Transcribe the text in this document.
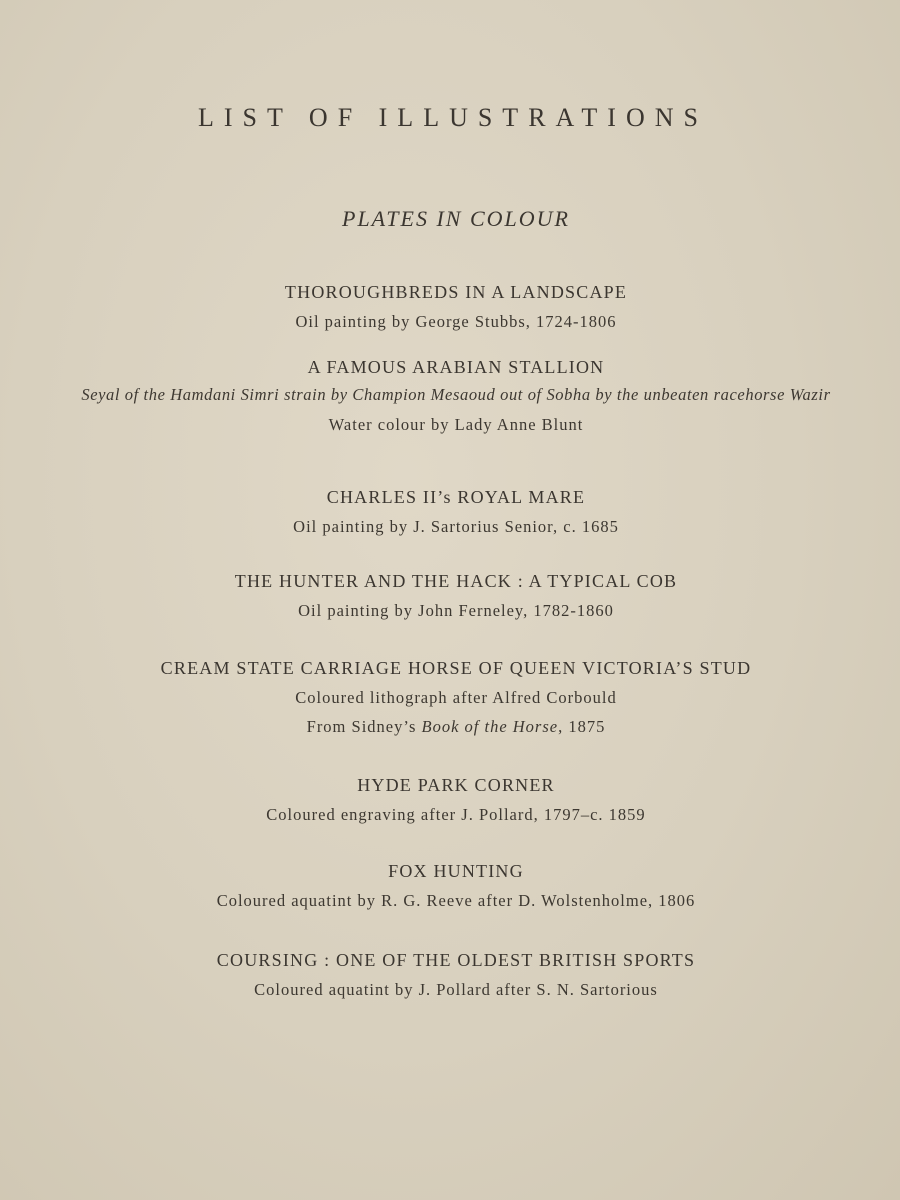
LIST OF ILLUSTRATIONS
PLATES IN COLOUR
THOROUGHBREDS IN A LANDSCAPE
Oil painting by George Stubbs, 1724-1806
A FAMOUS ARABIAN STALLION
Seyal of the Hamdani Simri strain by Champion Mesaoud out of Sobha by the unbeaten racehorse Wazir
Water colour by Lady Anne Blunt
CHARLES II’s ROYAL MARE
Oil painting by J. Sartorius Senior, c. 1685
THE HUNTER AND THE HACK : A TYPICAL COB
Oil painting by John Ferneley, 1782-1860
CREAM STATE CARRIAGE HORSE OF QUEEN VICTORIA’S STUD
Coloured lithograph after Alfred Corbould
From Sidney’s Book of the Horse, 1875
HYDE PARK CORNER
Coloured engraving after J. Pollard, 1797–c. 1859
FOX HUNTING
Coloured aquatint by R. G. Reeve after D. Wolstenholme, 1806
COURSING : ONE OF THE OLDEST BRITISH SPORTS
Coloured aquatint by J. Pollard after S. N. Sartorious
